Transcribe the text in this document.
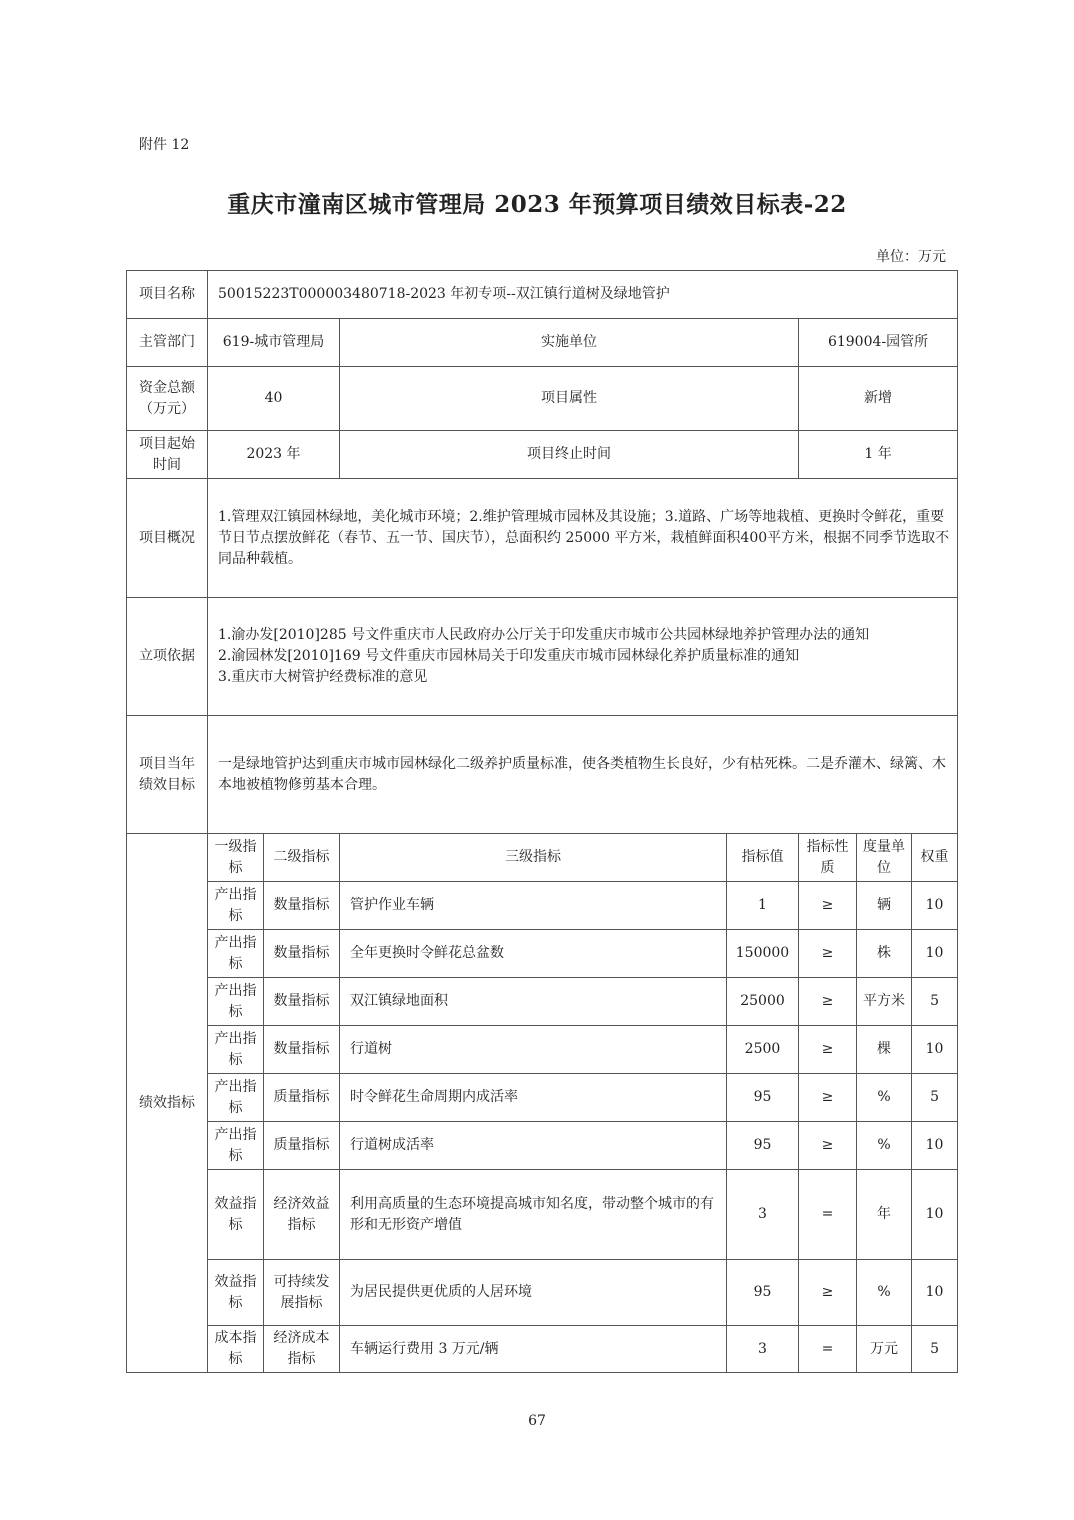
附件 12
重庆市潼南区城市管理局 2023 年预算项目绩效目标表-22
单位：万元
项目名称	50015223T000003480718-2023 年初专项--双江镇行道树及绿地管护						
主管部门	619-城市管理局		实施单位		619004-园管所		
资金总额（万元）	40		项目属性		新增		
项目起始时间	2023 年		项目终止时间		1 年		
项目概况	1.管理双江镇园林绿地，美化城市环境；2.维护管理城市园林及其设施；3.道路、广场等地栽植、更换时令鲜花，重要节日节点摆放鲜花（春节、五一节、国庆节），总面积约 25000 平方米，栽植鲜面积400平方米，根据不同季节选取不同品种载植。						
立项依据	1.渝办发[2010]285 号文件重庆市人民政府办公厅关于印发重庆市城市公共园林绿地养护管理办法的通知
2.渝园林发[2010]169 号文件重庆市园林局关于印发重庆市城市园林绿化养护质量标准的通知
3.重庆市大树管护经费标准的意见						

项目当年绩效目标	一是绿地管护达到重庆市城市园林绿化二级养护质量标准，使各类植物生长良好，少有枯死株。二是乔灌木、绿篱、木本地被植物修剪基本合理。						
绩效指标	一级指标	二级指标	三级指标	指标值	指标性质	度量单位	权重
	产出指标	数量指标	管护作业车辆	1	≥	辆	10
	产出指标	数量指标	全年更换时令鲜花总盆数	150000	≥	株	10
	产出指标	数量指标	双江镇绿地面积	25000	≥	平方米	5
	产出指标	数量指标	行道树	2500	≥	棵	10
	产出指标	质量指标	时令鲜花生命周期内成活率	95	≥	%	5
	产出指标	质量指标	行道树成活率	95	≥	%	10
	效益指标	经济效益指标	利用高质量的生态环境提高城市知名度，带动整个城市的有形和无形资产增值	3	=	年	10
	效益指标	可持续发展指标	为居民提供更优质的人居环境	95	≥	%	10
	成本指标	经济成本指标	车辆运行费用 3 万元/辆	3	=	万元	5
67
